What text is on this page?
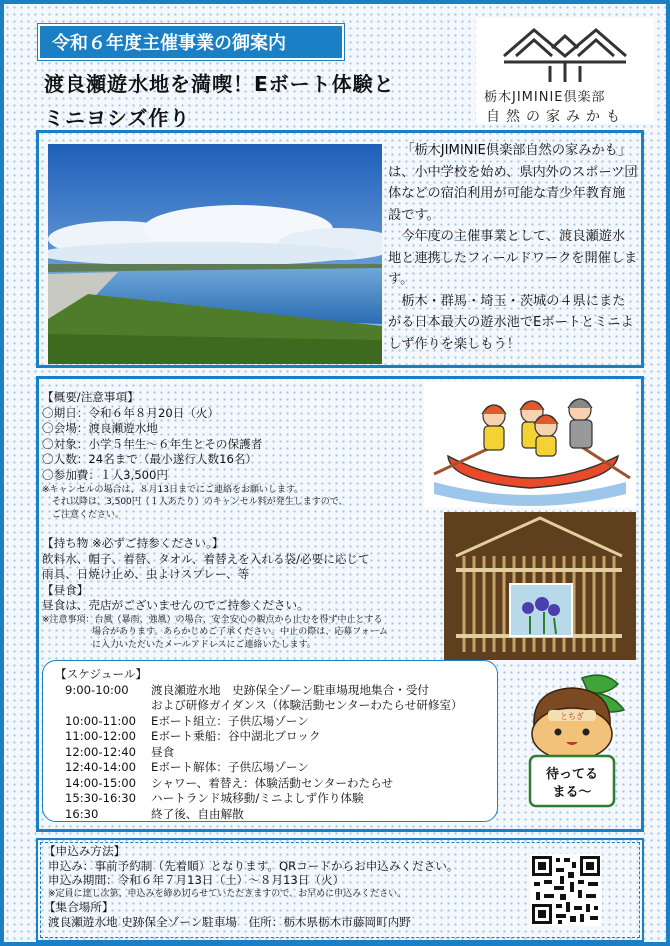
令和６年度主催事業の御案内
渡良瀬遊水地を満喫！Eボート体験と
ミニヨシズ作り
栃木JIMINIE倶楽部
自然の家みかも

「栃木JIMINIE倶楽部自然の家みかも」は、小中学校を始め、県内外のスポーツ団体などの宿泊利用が可能な青少年教育施設です。

今年度の主催事業として、渡良瀬遊水地と連携したフィールドワークを開催します。

栃木・群馬・埼玉・茨城の４県にまたがる日本最大の遊水池でEボートとミニよしず作りを楽しもう！

【概要/注意事項】
〇期日：令和６年８月20日（火）
〇会場：渡良瀬遊水地
〇対象：小学５年生〜６年生とその保護者
〇人数：24名まで（最小遂行人数16名）
〇参加費：１人3,500円
※キャンセルの場合は、８月13日までにご連絡をお願いします。
それ以降は、3,500円（１人あたり）のキャンセル料が発生しますので、
ご注意ください。
【持ち物 ※必ずご持参ください。】
飲料水、帽子、着替、タオル、着替えを入れる袋/必要に応じて
雨具、日焼け止め、虫よけスプレー、等
【昼食】
昼食は、売店がございませんのでご持参ください。
※注意事項：台風（暴雨、強風）の場合、安全安心の観点から止むを得ず中止とする
場合があります。あらかじめご了承ください。中止の際は、応募フォーム
に入力いただいたメールアドレスにご連絡いたします。
【スケジュール】
9:00-10:00	渡良瀬遊水地　史跡保全ゾーン駐車場現地集合・受付
および研修ガイダンス（体験活動センターわたらせ研修室）
10:00-11:00	Eボート組立：子供広場ゾーン
11:00-12:00	Eボート乗船：谷中湖北ブロック
12:00-12:40	昼食
12:40-14:00	Eボート解体：子供広場ゾーン
14:00-15:00	シャワー、着替え：体験活動センターわたらせ
15:30-16:30	ハートランド城移動/ミニよしず作り体験
16:30	終了後、自由解散
待ってる
まる〜
とちぎ
【申込み方法】
申込み：事前予約制（先着順）となります。QRコードからお申込みください。
申込み期間：令和６年７月13日（土）〜８月13日（火）
※定員に達し次第、申込みを締め切らせていただきますので、お早めに申込みください。
【集合場所】
渡良瀬遊水地 史跡保全ゾーン駐車場　住所：栃木県栃木市藤岡町内野
